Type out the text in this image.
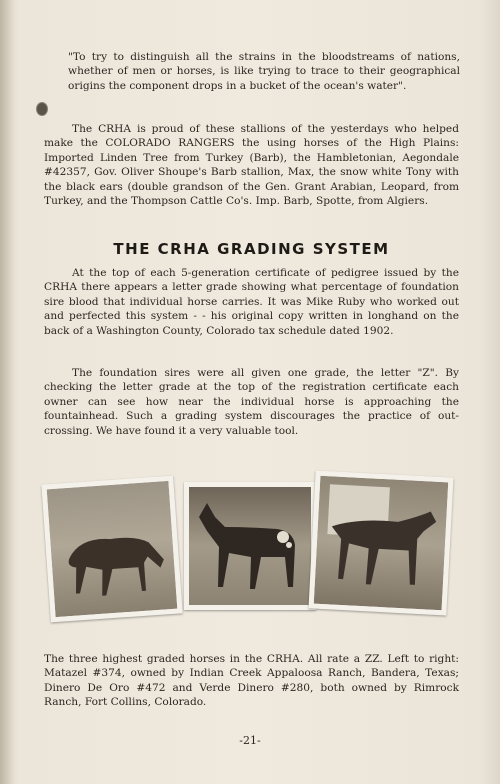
"To try to distinguish all the strains in the bloodstreams of nations, whether of men or horses, is like trying to trace to their geographical origins the component drops in a bucket of the ocean's water".

The CRHA is proud of these stallions of the yesterdays who helped make the COLORADO RANGERS the using horses of the High Plains: Imported Linden Tree from Turkey (Barb), the Hambletonian, Aegondale #42357, Gov. Oliver Shoupe's Barb stallion, Max, the snow white Tony with the black ears (double grandson of the Gen. Grant Arabian, Leopard, from Turkey, and the Thompson Cattle Co's. Imp. Barb, Spotte, from Algiers.

THE CRHA GRADING SYSTEM

At the top of each 5-generation certificate of pedigree issued by the CRHA there appears a letter grade showing what percentage of foundation sire blood that individual horse carries. It was Mike Ruby who worked out and perfected this system - - his original copy written in longhand on the back of a Washington County, Colorado tax schedule dated 1902.

The foundation sires were all given one grade, the letter "Z". By checking the letter grade at the top of the registration certificate each owner can see how near the individual horse is approaching the fountainhead. Such a grading system discourages the practice of out-crossing. We have found it a very valuable tool.

The three highest graded horses in the CRHA. All rate a ZZ. Left to right: Matazel #374, owned by Indian Creek Appaloosa Ranch, Bandera, Texas; Dinero De Oro #472 and Verde Dinero #280, both owned by Rimrock Ranch, Fort Collins, Colorado.

-21-
